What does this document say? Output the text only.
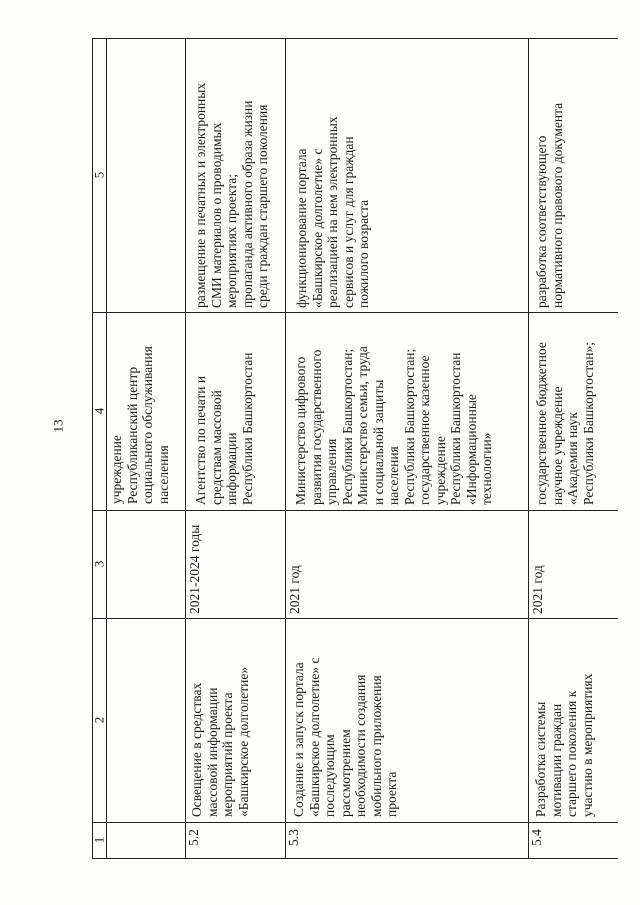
13
1
2
3
4
5
учреждение
Республиканский центр
социального обслуживания
населения
5.2
Освещение в средствах
массовой информации
мероприятий проекта
«Башкирское долголетие»
2021-2024 годы
Агентство по печати и
средствам массовой
информации
Республики Башкортостан
размещение в печатных и электронных
СМИ материалов о проводимых
мероприятиях проекта;
пропаганда активного образа жизни
среди граждан старшего поколения
5.3
Создание и запуск портала
«Башкирское долголетие» с
последующим
рассмотрением
необходимости создания
мобильного приложения
проекта
2021 год
Министерство цифрового
развития государственного
управления
Республики Башкортостан;
Министерство семьи, труда
и социальной защиты
населения
Республики Башкортостан;
государственное казенное
учреждение
Республики Башкортостан
«Информационные
технологии»
функционирование портала
«Башкирское долголетие» с
реализацией на нем электронных
сервисов и услуг для граждан
пожилого возраста
5.4
Разработка системы
мотивации граждан
старшего поколения к
участию в мероприятиях
2021 год
государственное бюджетное
научное учреждение
«Академия наук
Республики Башкортостан»;
разработка соответствующего
нормативного правового документа
